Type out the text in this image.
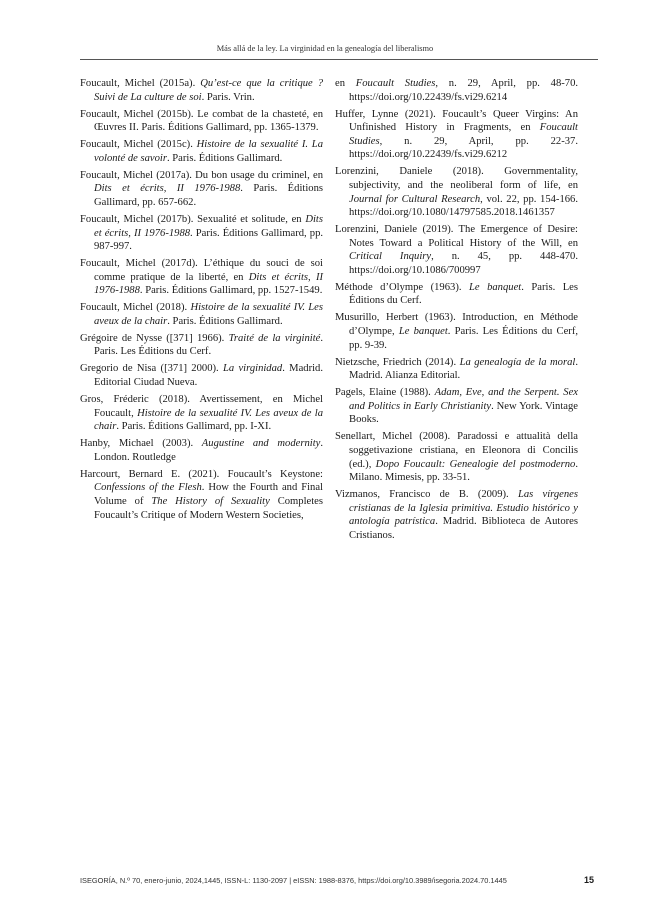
Más allá de la ley. La virginidad en la genealogía del liberalismo

Foucault, Michel (2015a). Qu’est-ce que la critique ? Suivi de La culture de soi. Paris. Vrin.

Foucault, Michel (2015b). Le combat de la chasteté, en Œuvres II. Paris. Éditions Gallimard, pp. 1365-1379.

Foucault, Michel (2015c). Histoire de la sexualité I. La volonté de savoir. Paris. Éditions Gallimard.

Foucault, Michel (2017a). Du bon usage du criminel, en Dits et écrits, II 1976-1988. Paris. Éditions Gallimard, pp. 657-662.

Foucault, Michel (2017b). Sexualité et solitude, en Dits et écrits, II 1976-1988. Paris. Éditions Gallimard, pp. 987-997.

Foucault, Michel (2017d). L’éthique du souci de soi comme pratique de la liberté, en Dits et écrits, II 1976-1988. Paris. Éditions Gallimard, pp. 1527-1549.

Foucault, Michel (2018). Histoire de la sexualité IV. Les aveux de la chair. Paris. Éditions Gallimard.

Grégoire de Nysse ([371] 1966). Traité de la virginité. Paris. Les Éditions du Cerf.

Gregorio de Nisa ([371] 2000). La virginidad. Madrid. Editorial Ciudad Nueva.

Gros, Fréderic (2018). Avertissement, en Michel Foucault, Histoire de la sexualité IV. Les aveux de la chair. Paris. Éditions Gallimard, pp. I-XI.

Hanby, Michael (2003). Augustine and modernity. London. Routledge

Harcourt, Bernard E. (2021). Foucault’s Keystone: Confessions of the Flesh. How the Fourth and Final Volume of The History of Sexuality Completes Foucault’s Critique of Modern Western Societies,

en Foucault Studies, n. 29, April, pp. 48-70. https://doi.org/10.22439/fs.vi29.6214

Huffer, Lynne (2021). Foucault’s Queer Virgins: An Unfinished History in Fragments, en Foucault Studies, n. 29, April, pp. 22-37. https://doi.org/10.22439/fs.vi29.6212

Lorenzini, Daniele (2018). Governmentality, subjectivity, and the neoliberal form of life, en Journal for Cultural Research, vol. 22, pp. 154-166. https://doi.org/10.1080/14797585.2018.1461357

Lorenzini, Daniele (2019). The Emergence of Desire: Notes Toward a Political History of the Will, en Critical Inquiry, n. 45, pp. 448-470. https://doi.org/10.1086/700997

Méthode d’Olympe (1963). Le banquet. Paris. Les Éditions du Cerf.

Musurillo, Herbert (1963). Introduction, en Méthode d’Olympe, Le banquet. Paris. Les Éditions du Cerf, pp. 9-39.

Nietzsche, Friedrich (2014). La genealogía de la moral. Madrid. Alianza Editorial.

Pagels, Elaine (1988). Adam, Eve, and the Serpent. Sex and Politics in Early Christianity. New York. Vintage Books.

Senellart, Michel (2008). Paradossi e attualità della soggetivazione cristiana, en Eleonora di Concilis (ed.), Dopo Foucault: Genealogie del postmoderno. Milano. Mimesis, pp. 33-51.

Vizmanos, Francisco de B. (2009). Las vírgenes cristianas de la Iglesia primitiva. Estudio histórico y antología patrística. Madrid. Biblioteca de Autores Cristianos.

ISEGORÍA, N.º 70, enero-junio, 2024,1445, ISSN-L: 1130-2097 | eISSN: 1988-8376, https://doi.org/10.3989/isegoria.2024.70.1445	15
